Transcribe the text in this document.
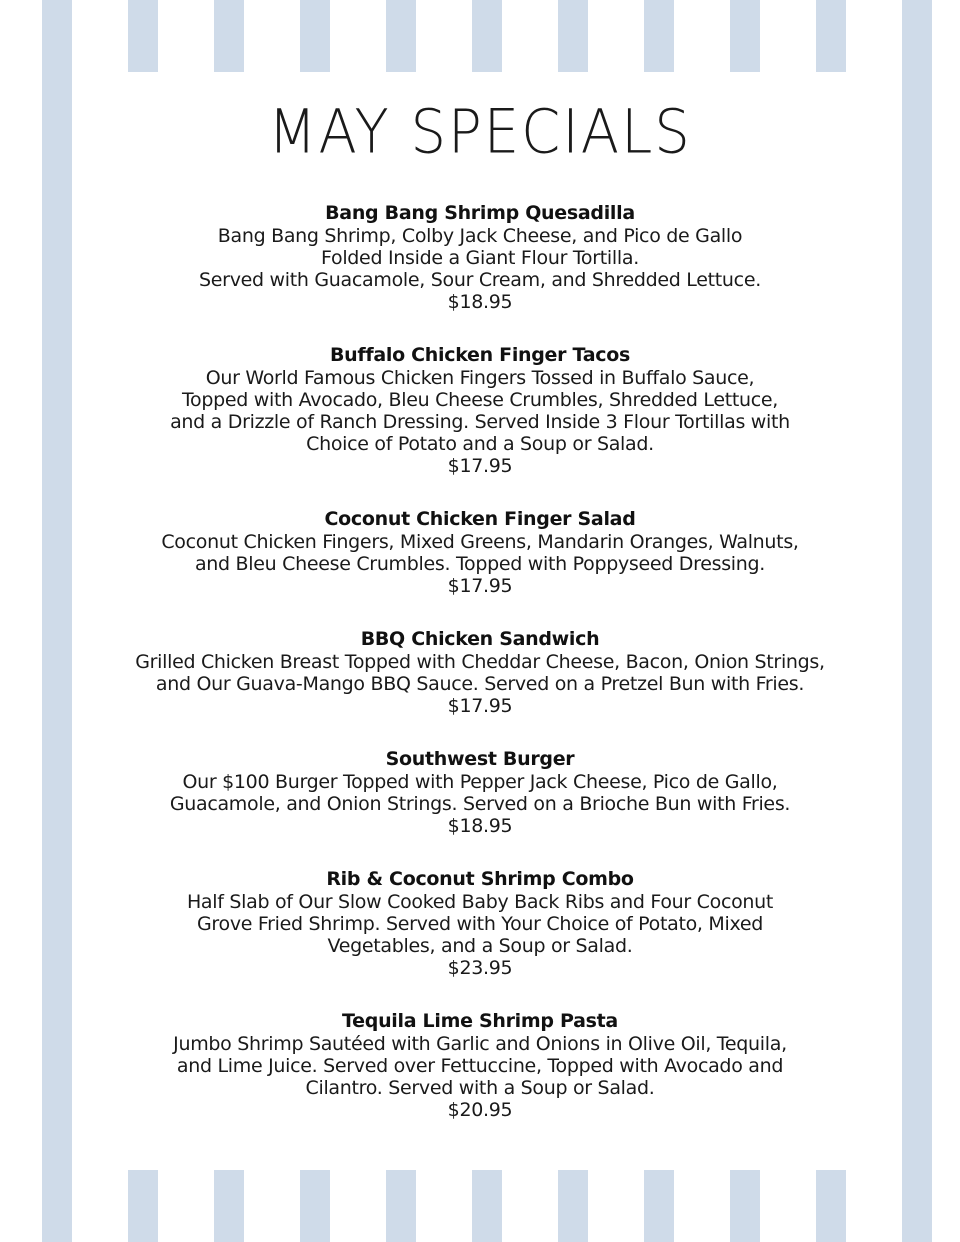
MAY SPECIALS
Bang Bang Shrimp Quesadilla
Bang Bang Shrimp, Colby Jack Cheese, and Pico de Gallo
Folded Inside a Giant Flour Tortilla.
Served with Guacamole, Sour Cream, and Shredded Lettuce.
$18.95
Buffalo Chicken Finger Tacos
Our World Famous Chicken Fingers Tossed in Buffalo Sauce,
Topped with Avocado, Bleu Cheese Crumbles, Shredded Lettuce,
and a Drizzle of Ranch Dressing. Served Inside 3 Flour Tortillas with
Choice of Potato and a Soup or Salad.
$17.95
Coconut Chicken Finger Salad
Coconut Chicken Fingers, Mixed Greens, Mandarin Oranges, Walnuts,
and Bleu Cheese Crumbles. Topped with Poppyseed Dressing.
$17.95
BBQ Chicken Sandwich
Grilled Chicken Breast Topped with Cheddar Cheese, Bacon, Onion Strings,
and Our Guava-Mango BBQ Sauce. Served on a Pretzel Bun with Fries.
$17.95
Southwest Burger
Our $100 Burger Topped with Pepper Jack Cheese, Pico de Gallo,
Guacamole, and Onion Strings. Served on a Brioche Bun with Fries.
$18.95
Rib & Coconut Shrimp Combo
Half Slab of Our Slow Cooked Baby Back Ribs and Four Coconut
Grove Fried Shrimp. Served with Your Choice of Potato, Mixed
Vegetables, and a Soup or Salad.
$23.95
Tequila Lime Shrimp Pasta
Jumbo Shrimp Sautéed with Garlic and Onions in Olive Oil, Tequila,
and Lime Juice. Served over Fettuccine, Topped with Avocado and
Cilantro. Served with a Soup or Salad.
$20.95
